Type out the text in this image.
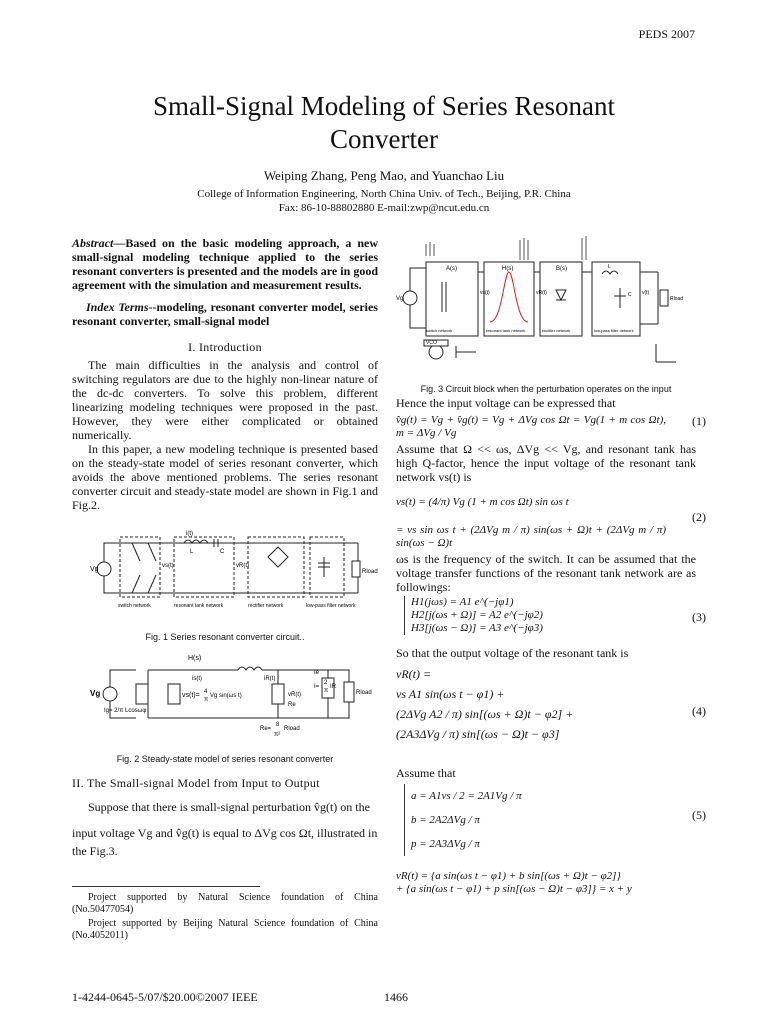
PEDS 2007
Small-Signal Modeling of Series Resonant
Converter
Weiping Zhang, Peng Mao, and Yuanchao Liu
College of Information Engineering, North China Univ. of Tech., Beijing, P.R. China
Fax: 86-10-88802880 E-mail:zwp@ncut.edu.cn
Abstract—Based on the basic modeling approach, a new small-signal modeling technique applied to the series resonant converters is presented and the models are in good agreement with the simulation and measurement results.
Index Terms--modeling, resonant converter model, series resonant converter, small-signal model
I. Introduction
The main difficulties in the analysis and control of switching regulators are due to the highly non-linear nature of the dc-dc converters. To solve this problem, different linearizing modeling techniques were proposed in the past. However, they were either complicated or obtained numerically.
In this paper, a new modeling technique is presented based on the steady-state model of series resonant converter, which avoids the above mentioned problems. The series resonant converter circuit and steady-state model are shown in Fig.1 and Fig.2.
Vg	vs(t)	vR(t)
i(t)
L	C
Rload
switch network	resonant tank network	rectifier network	low-pass filter network
Fig. 1 Series resonant converter circuit..
H(s)
is(t)	iR(t)
Vg	vs(t)= 4
π
Vg sin(ωs t)	vR(t)
Re
Re=
8
π²
Rload
Ie
I=
2
π
IR
Rload
Ig= 2/π Lcosωφ
Fig. 2 Steady-state model of series resonant converter
II. The Small-signal Model from Input to Output
Suppose that there is small-signal perturbation v̂g(t) on the
input voltage Vg and v̂g(t) is equal to ΔVg cos Ωt, illustrated in
the Fig.3.
Project supported by Natural Science foundation of China (No.50477054)
Project supported by Beijing Natural Science foundation of China (No.4052011)
1-4244-0645-5/07/$20.00©2007 IEEE	1466
Vg
A(s)	H(s)	B(s)
vs(t)	vR(t)	v(t)
L
C
Rload
VCO
switch network	resonant tank network	rectifier network	low-pass filter network
Fig. 3 Circuit block when the perturbation operates on the input
Hence the input voltage can be expressed that
v̂g(t) = Vg + v̂g(t) = Vg + ΔVg cos Ωt = Vg(1 + m cos Ωt), m = ΔVg / Vg
(1)
Assume that Ω << ωs, ΔVg << Vg, and resonant tank has high Q-factor, hence the input voltage of the resonant tank network vs(t) is
vs(t) = (4/π) Vg (1 + m cos Ωt) sin ωs t
= vs sin ωs t + (2ΔVg m / π) sin(ωs + Ω)t + (2ΔVg m / π) sin(ωs − Ω)t
(2)
ωs is the frequency of the switch. It can be assumed that the voltage transfer functions of the resonant tank network are as followings:
H1(jωs) = A1 e^(−jφ1)
H2[j(ωs + Ω)] = A2 e^(−jφ2)
H3[j(ωs − Ω)] = A3 e^(−jφ3)
(3)
So that the output voltage of the resonant tank is
vR(t) =
vs A1 sin(ωs t − φ1) +
(2ΔVg A2 / π) sin[(ωs + Ω)t − φ2] +
(2A3ΔVg / π) sin[(ωs − Ω)t − φ3]
(4)
Assume that
a = A1vs / 2 = 2A1Vg / π
b = 2A2ΔVg / π
p = 2A3ΔVg / π
(5)
vR(t) = {a sin(ωs t − φ1) + b sin[(ωs + Ω)t − φ2]}
+ {a sin(ωs t − φ1) + p sin[(ωs − Ω)t − φ3]} = x + y
